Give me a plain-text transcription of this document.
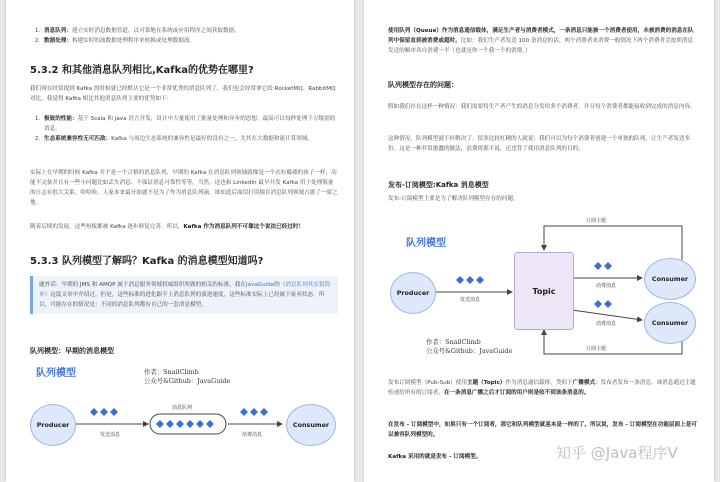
1. 消息队列：建立实时消息数据管道，以可靠地在系统或应用程序之间获取数据。
2. 数据处理：构建实时的流数据处理程序来转换或处理数据流。

5.3.2 和其他消息队列相比,Kafka的优势在哪里?

我们现在经常提到 Kafka 的时候就已经默认它是一个非常优秀的消息队列了，我们也会经常拿它给 RocketMQ、RabbitMQ 对比。我觉得 Kafka 相比其他消息队列主要的优势如下：

1. 极致的性能：基于 Scala 和 Java 语言开发，设计中大量使用了批量处理和异步的思想，最高可以每秒处理千万级别的消息。
2. 生态系统兼容性无可匹敌：Kafka 与周边生态系统的兼容性是最好的没有之一，尤其在大数据和流计算领域。

实际上在早期的时候 Kafka 并不是一个合格的消息队列，早期的 Kafka 在消息队列领域就像是一个衣衫褴褛的孩子一样，功能不完备并且有一些小问题比如丢失消息、不保证消息可靠性等等。当然，这也和 LinkedIn 最早开发 Kafka 用于处理海量的日志有很大关系，哈哈哈，人家本来最开始就不是为了作为消息队列滴，谁知道后面误打误撞在消息队列领域占据了一席之地。

随着后续的发展，这些短板都被 Kafka 逐步修复完善。所以，Kafka 作为消息队列不可靠这个说法已经过时！

5.3.3 队列模型了解吗？Kafka 的消息模型知道吗?

题外话：早期的 JMS 和 AMQP 属于消息服务领域权威组织所做的相关的标准，我在JavaGuide的《消息队列其实很简单》这篇文章中介绍过。但是，这些标准的进化跟不上消息队列的演进速度，这些标准实际上已经属于废弃状态。所以，可能存在的情况是：不同的消息队列都有自己的一套消息模型。

队列模型：早期的消息模型

队列模型	作者：SnailClimb
公众号&Github：JavaGuide
消息队列
发送消息	消费消息
Producer	Consumer

使用队列（Queue）作为消息通信载体，满足生产者与消费者模式，一条消息只能被一个消费者使用，未被消费的消息在队列中保留直到被消费或超时。比如：我们生产者发送 100 条消息的话，两个消费者来消费一般情况下两个消费者会按照消息发送的顺序各自消费一半（也就是你一个我一个的消费。）

队列模型存在的问题：

假如我们存在这样一种情况：我们需要将生产者产生的消息分发给多个消费者，并且每个消费者都能接收到完成的消息内容。

这种情况，队列模型就不好解决了。很多比较杠精的人就说：我们可以为每个消费者创建一个单独的队列，让生产者发送多份。这是一种非常愚蠢的做法，浪费资源不说，还违背了使用消息队列的目的。

发布-订阅模型:Kafka 消息模型

发布-订阅模型主要是为了解决队列模型存在的问题。

队列模型
Topic
Producer
Consumer
Consumer
订阅主题
订阅主题
发送消息
消费消息
消费消息
作者：SnailClimb
公众号&Github：JavaGuide

发布订阅模型（Pub-Sub）使用主题（Topic）作为消息通信载体，类似于广播模式；发布者发布一条消息，该消息通过主题传递给所有的订阅者，在一条消息广播之后才订阅的用户则是收不到该条消息的。

在发布 - 订阅模型中，如果只有一个订阅者，那它和队列模型就基本是一样的了。所以说，发布 - 订阅模型在功能层面上是可以兼容队列模型的。

Kafka 采用的就是发布 - 订阅模型。	知乎 @Java程序V
